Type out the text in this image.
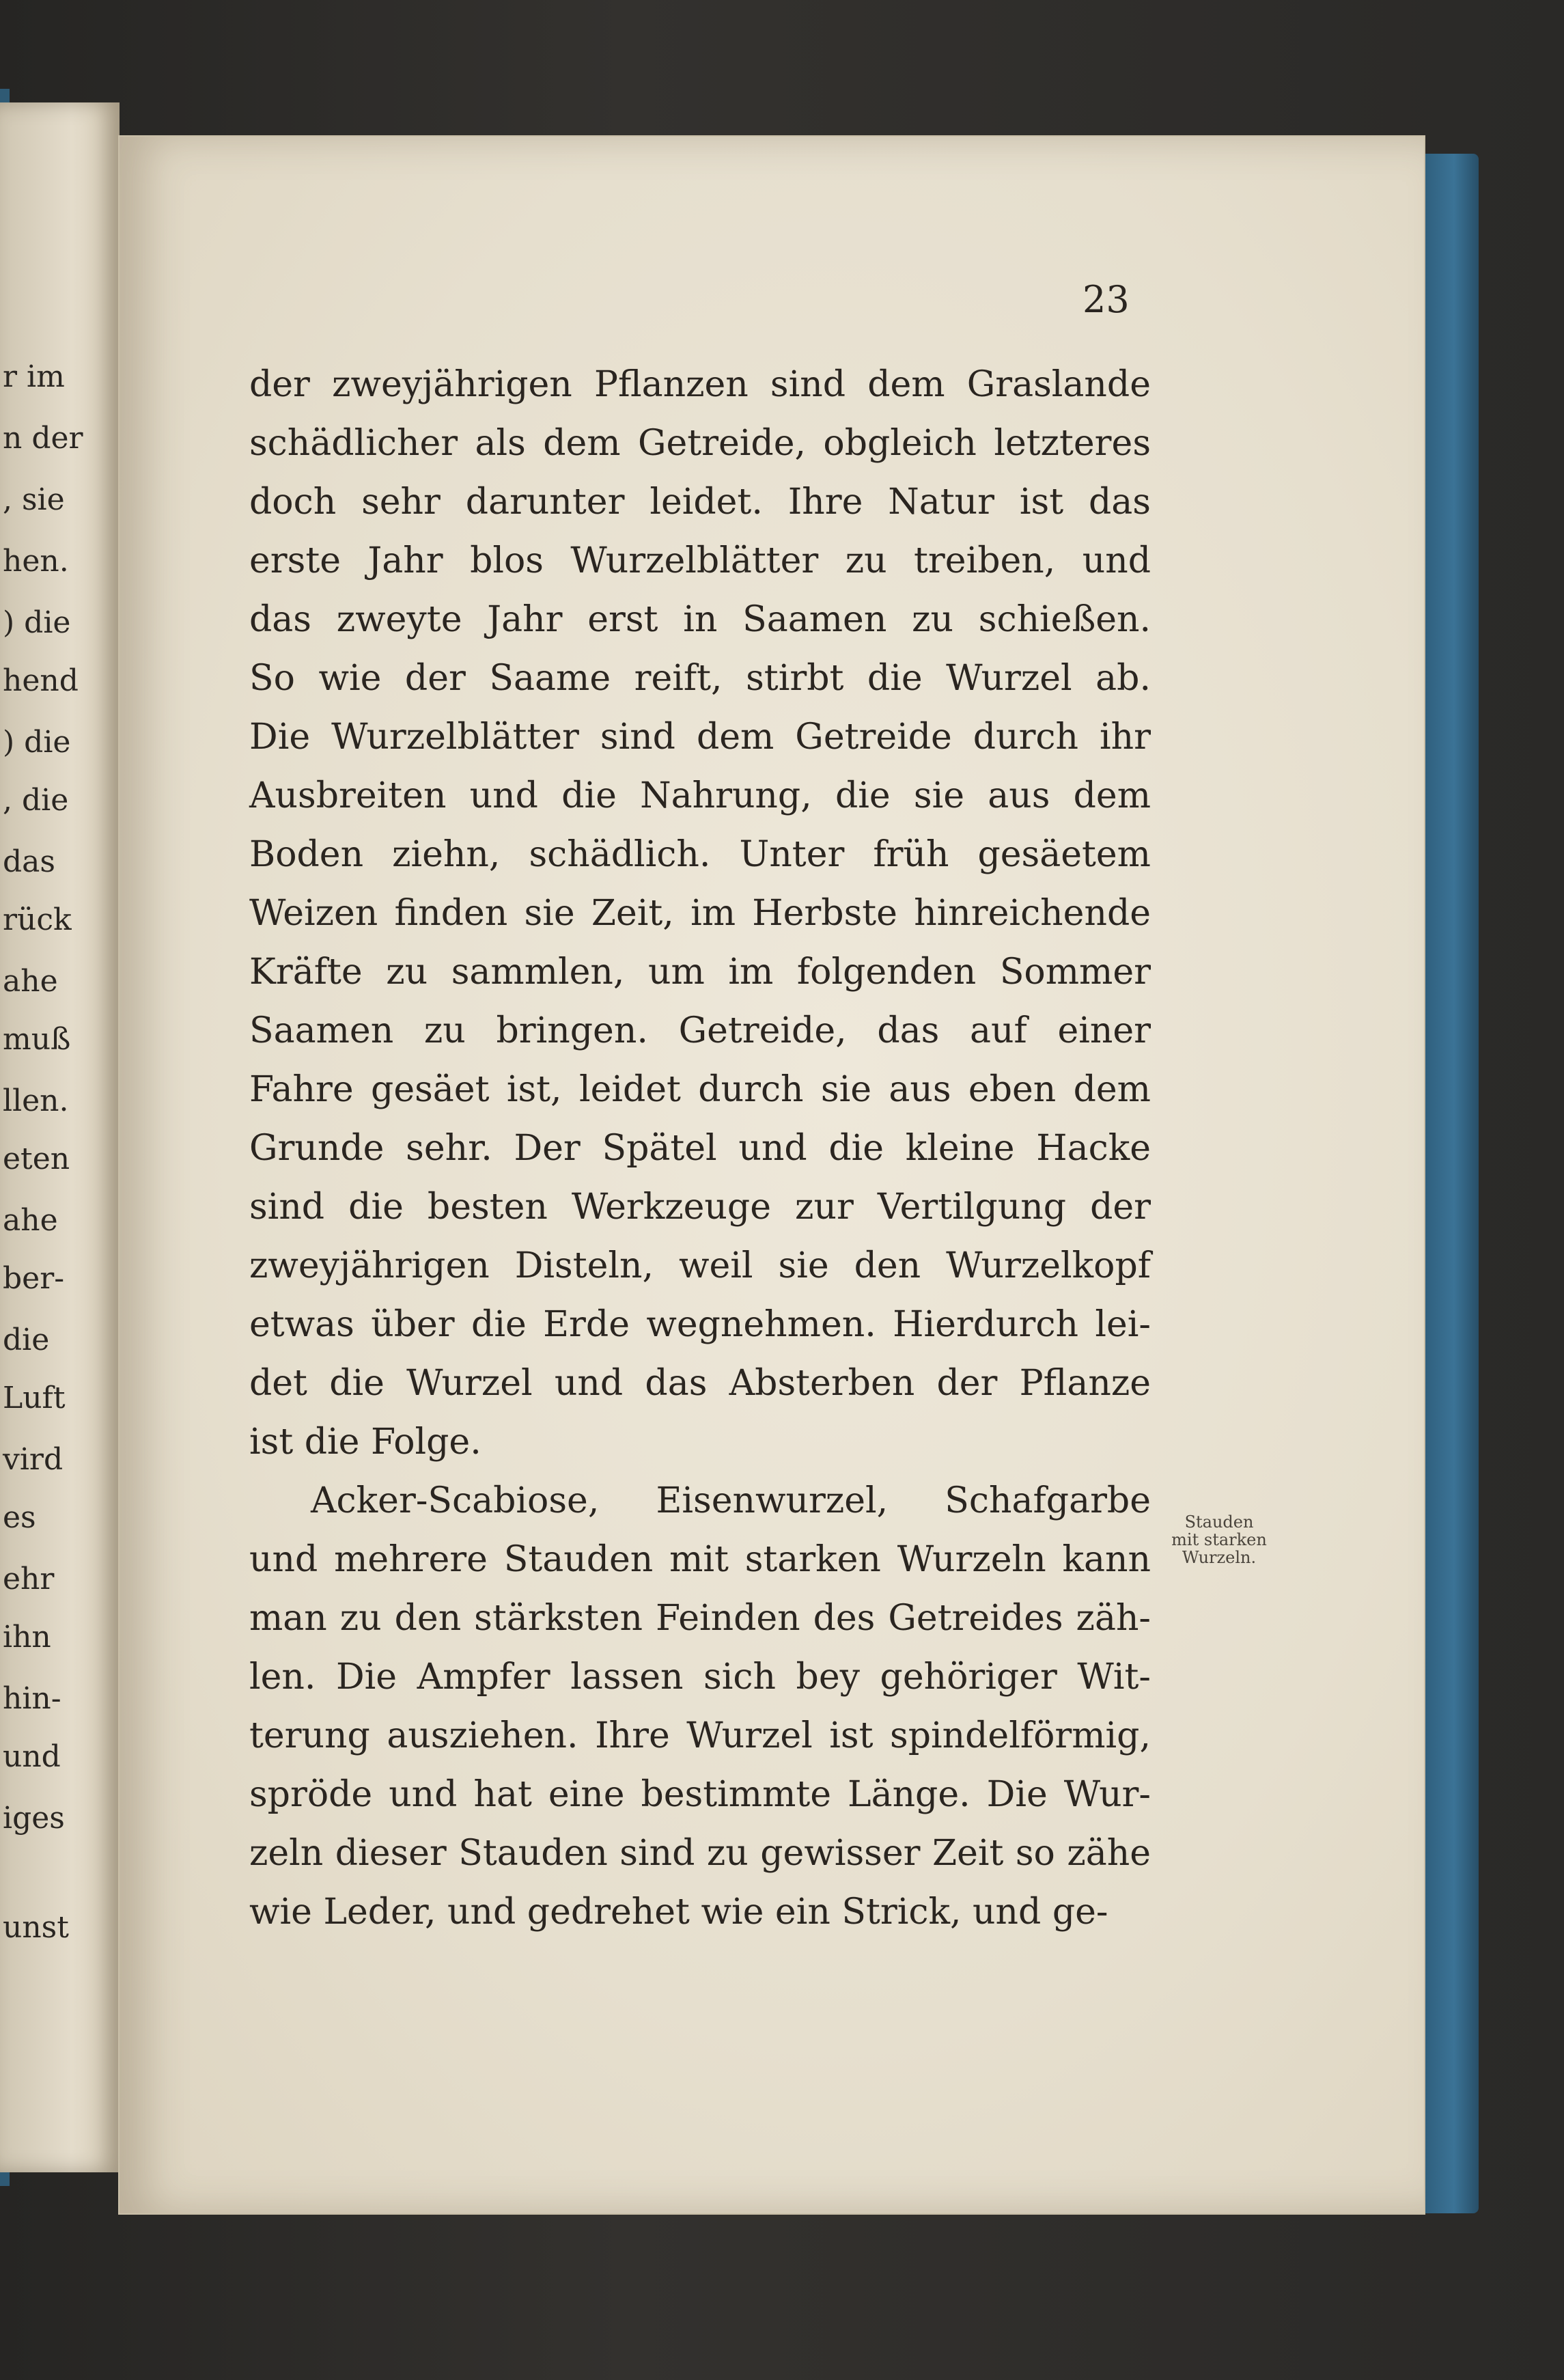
r im
n der
, sie
hen.
) die
hend
) die
, die
das
rück
ahe
muß
llen.
eten
ahe
ber-
die
Luft
vird
es
ehr
ihn
hin-
und
iges
unst
23
der zweyjährigen Pflanzen sind dem Graslande
schädlicher als dem Getreide, obgleich letzteres
doch sehr darunter leidet. Ihre Natur ist das
erste Jahr blos Wurzelblätter zu treiben, und
das zweyte Jahr erst in Saamen zu schießen.
So wie der Saame reift, stirbt die Wurzel ab.
Die Wurzelblätter sind dem Getreide durch ihr
Ausbreiten und die Nahrung, die sie aus dem
Boden ziehn, schädlich. Unter früh gesäetem
Weizen finden sie Zeit, im Herbste hinreichende
Kräfte zu sammlen, um im folgenden Sommer
Saamen zu bringen. Getreide, das auf einer
Fahre gesäet ist, leidet durch sie aus eben dem
Grunde sehr. Der Spätel und die kleine Hacke
sind die besten Werkzeuge zur Vertilgung der
zweyjährigen Disteln, weil sie den Wurzelkopf
etwas über die Erde wegnehmen. Hierdurch lei-
det die Wurzel und das Absterben der Pflanze
ist die Folge.
Acker-Scabiose, Eisenwurzel, Schafgarbe
und mehrere Stauden mit starken Wurzeln kann
man zu den stärksten Feinden des Getreides zäh-
len. Die Ampfer lassen sich bey gehöriger Wit-
terung ausziehen. Ihre Wurzel ist spindelförmig,
spröde und hat eine bestimmte Länge. Die Wur-
zeln dieser Stauden sind zu gewisser Zeit so zähe
wie Leder, und gedrehet wie ein Strick, und ge-
Stauden
mit starken
Wurzeln.
